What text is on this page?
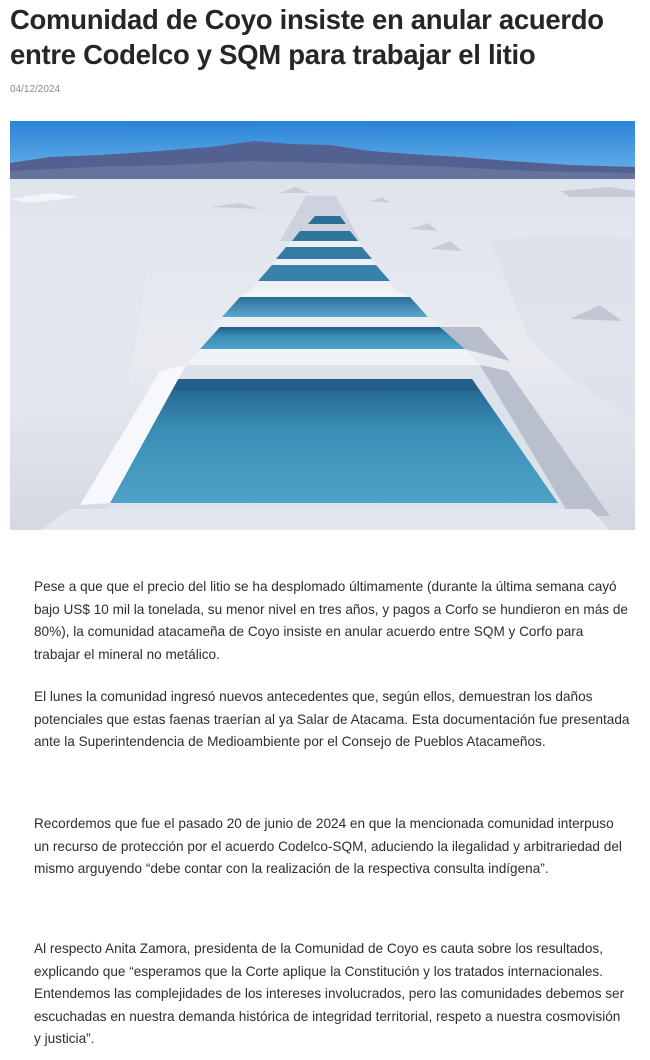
Comunidad de Coyo insiste en anular acuerdo entre Codelco y SQM para trabajar el litio
04/12/2024

Pese a que que el precio del litio se ha desplomado últimamente (durante la última semana cayó bajo US$ 10 mil la tonelada, su menor nivel en tres años, y pagos a Corfo se hundieron en más de 80%), la comunidad atacameña de Coyo insiste en anular acuerdo entre SQM y Corfo para trabajar el mineral no metálico.

El lunes la comunidad ingresó nuevos antecedentes que, según ellos, demuestran los daños potenciales que estas faenas traerían al ya Salar de Atacama. Esta documentación fue presentada ante la Superintendencia de Medioambiente por el Consejo de Pueblos Atacameños.

Recordemos que fue el pasado 20 de junio de 2024 en que la mencionada comunidad interpuso un recurso de protección por el acuerdo Codelco-SQM, aduciendo la ilegalidad y arbitrariedad del mismo arguyendo “debe contar con la realización de la respectiva consulta indígena”.

Al respecto Anita Zamora, presidenta de la Comunidad de Coyo es cauta sobre los resultados, explicando que “esperamos que la Corte aplique la Constitución y los tratados internacionales. Entendemos las complejidades de los intereses involucrados, pero las comunidades debemos ser escuchadas en nuestra demanda histórica de integridad territorial, respeto a nuestra cosmovisión y justicia”.
